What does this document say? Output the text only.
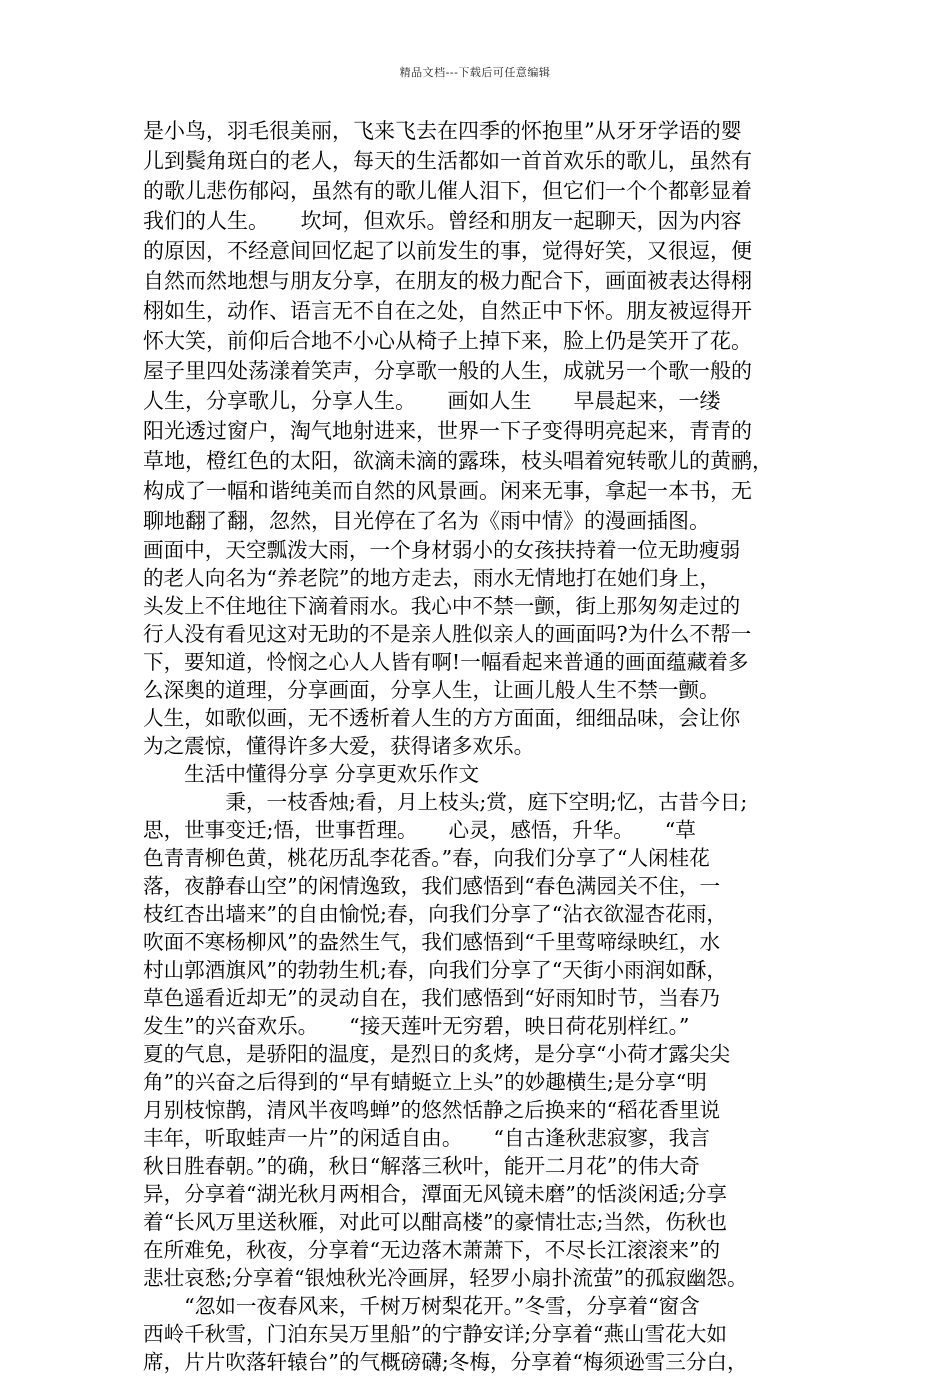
精品文档---下载后可任意编辑
是小鸟，羽毛很美丽，飞来飞去在四季的怀抱里”从牙牙学语的婴
儿到鬓角斑白的老人，每天的生活都如一首首欢乐的歌儿，虽然有
的歌儿悲伤郁闷，虽然有的歌儿催人泪下，但它们一个个都彰显着
我们的人生。　　坎坷，但欢乐。曾经和朋友一起聊天，因为内容
的原因，不经意间回忆起了以前发生的事，觉得好笑，又很逗，便
自然而然地想与朋友分享，在朋友的极力配合下，画面被表达得栩
栩如生，动作、语言无不自在之处，自然正中下怀。朋友被逗得开
怀大笑，前仰后合地不小心从椅子上掉下来，脸上仍是笑开了花。
屋子里四处荡漾着笑声，分享歌一般的人生，成就另一个歌一般的
人生，分享歌儿，分享人生。　　画如人生　　早晨起来，一缕
阳光透过窗户，淘气地射进来，世界一下子变得明亮起来，青青的
草地，橙红色的太阳，欲滴未滴的露珠，枝头唱着宛转歌儿的黄鹂，
构成了一幅和谐纯美而自然的风景画。闲来无事，拿起一本书，无
聊地翻了翻，忽然，目光停在了名为《雨中情》的漫画插图。
画面中，天空瓢泼大雨，一个身材弱小的女孩扶持着一位无助瘦弱
的老人向名为“养老院”的地方走去，雨水无情地打在她们身上，
头发上不住地往下滴着雨水。我心中不禁一颤，街上那匆匆走过的
行人没有看见这对无助的不是亲人胜似亲人的画面吗?为什么不帮一
下，要知道，怜悯之心人人皆有啊!一幅看起来普通的画面蕴藏着多
么深奥的道理，分享画面，分享人生，让画儿般人生不禁一颤。
人生，如歌似画，无不透析着人生的方方面面，细细品味，会让你
为之震惊，懂得许多大爱，获得诸多欢乐。
　　生活中懂得分享 分享更欢乐作文
　　　　秉，一枝香烛;看，月上枝头;赏，庭下空明;忆，古昔今日;
思，世事变迁;悟，世事哲理。　　心灵，感悟，升华。　　“草
色青青柳色黄，桃花历乱李花香。”春，向我们分享了“人闲桂花
落，夜静春山空”的闲情逸致，我们感悟到“春色满园关不住，一
枝红杏出墙来”的自由愉悦;春，向我们分享了“沾衣欲湿杏花雨，
吹面不寒杨柳风”的盎然生气，我们感悟到“千里莺啼绿映红，水
村山郭酒旗风”的勃勃生机;春，向我们分享了“天街小雨润如酥，
草色遥看近却无”的灵动自在，我们感悟到“好雨知时节，当春乃
发生”的兴奋欢乐。　　“接天莲叶无穷碧，映日荷花别样红。”
夏的气息，是骄阳的温度，是烈日的炙烤，是分享“小荷才露尖尖
角”的兴奋之后得到的“早有蜻蜓立上头”的妙趣横生;是分享“明
月别枝惊鹊，清风半夜鸣蝉”的悠然恬静之后换来的“稻花香里说
丰年，听取蛙声一片”的闲适自由。　　“自古逢秋悲寂寥，我言
秋日胜春朝。”的确，秋日“解落三秋叶，能开二月花”的伟大奇
异，分享着“湖光秋月两相合，潭面无风镜未磨”的恬淡闲适;分享
着“长风万里送秋雁，对此可以酣高楼”的豪情壮志;当然，伤秋也
在所难免，秋夜，分享着“无边落木萧萧下，不尽长江滚滚来”的
悲壮哀愁;分享着“银烛秋光冷画屏，轻罗小扇扑流萤”的孤寂幽怨。
　　“忽如一夜春风来，千树万树梨花开。”冬雪，分享着“窗含
西岭千秋雪，门泊东吴万里船”的宁静安详;分享着“燕山雪花大如
席，片片吹落轩辕台”的气概磅礴;冬梅，分享着“梅须逊雪三分白，
